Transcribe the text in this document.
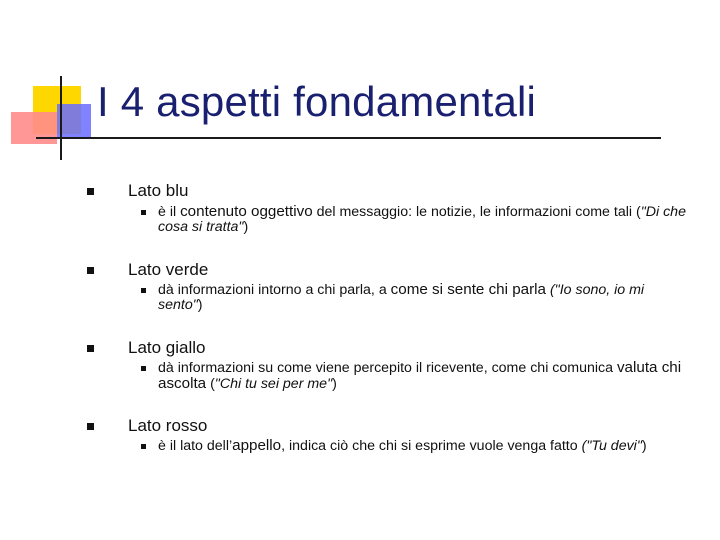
I 4 aspetti fondamentali
Lato blu
è il contenuto oggettivo del messaggio: le notizie, le informazioni come tali ("Di che cosa si tratta")
Lato verde
dà informazioni intorno a chi parla, a come si sente chi parla ("Io sono, io mi sento")
Lato giallo
dà informazioni su come viene percepito il ricevente, come chi comunica valuta chi ascolta ("Chi tu sei per me")
Lato rosso
è il lato dell’appello, indica ciò che chi si esprime vuole venga fatto ("Tu devi")
